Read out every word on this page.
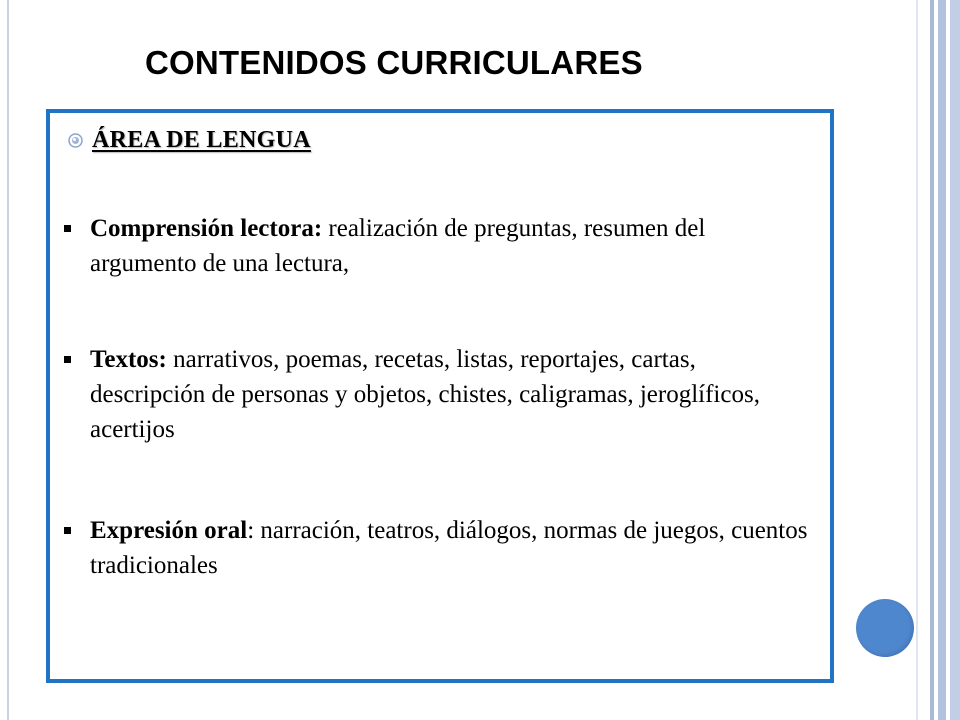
CONTENIDOS CURRICULARES
ÁREA DE LENGUA
Comprensión lectora: realización de preguntas, resumen del argumento de una lectura,
Textos: narrativos, poemas, recetas, listas, reportajes, cartas, descripción de personas y objetos, chistes, caligramas, jeroglíficos, acertijos
Expresión oral: narración, teatros, diálogos, normas de juegos, cuentos tradicionales
